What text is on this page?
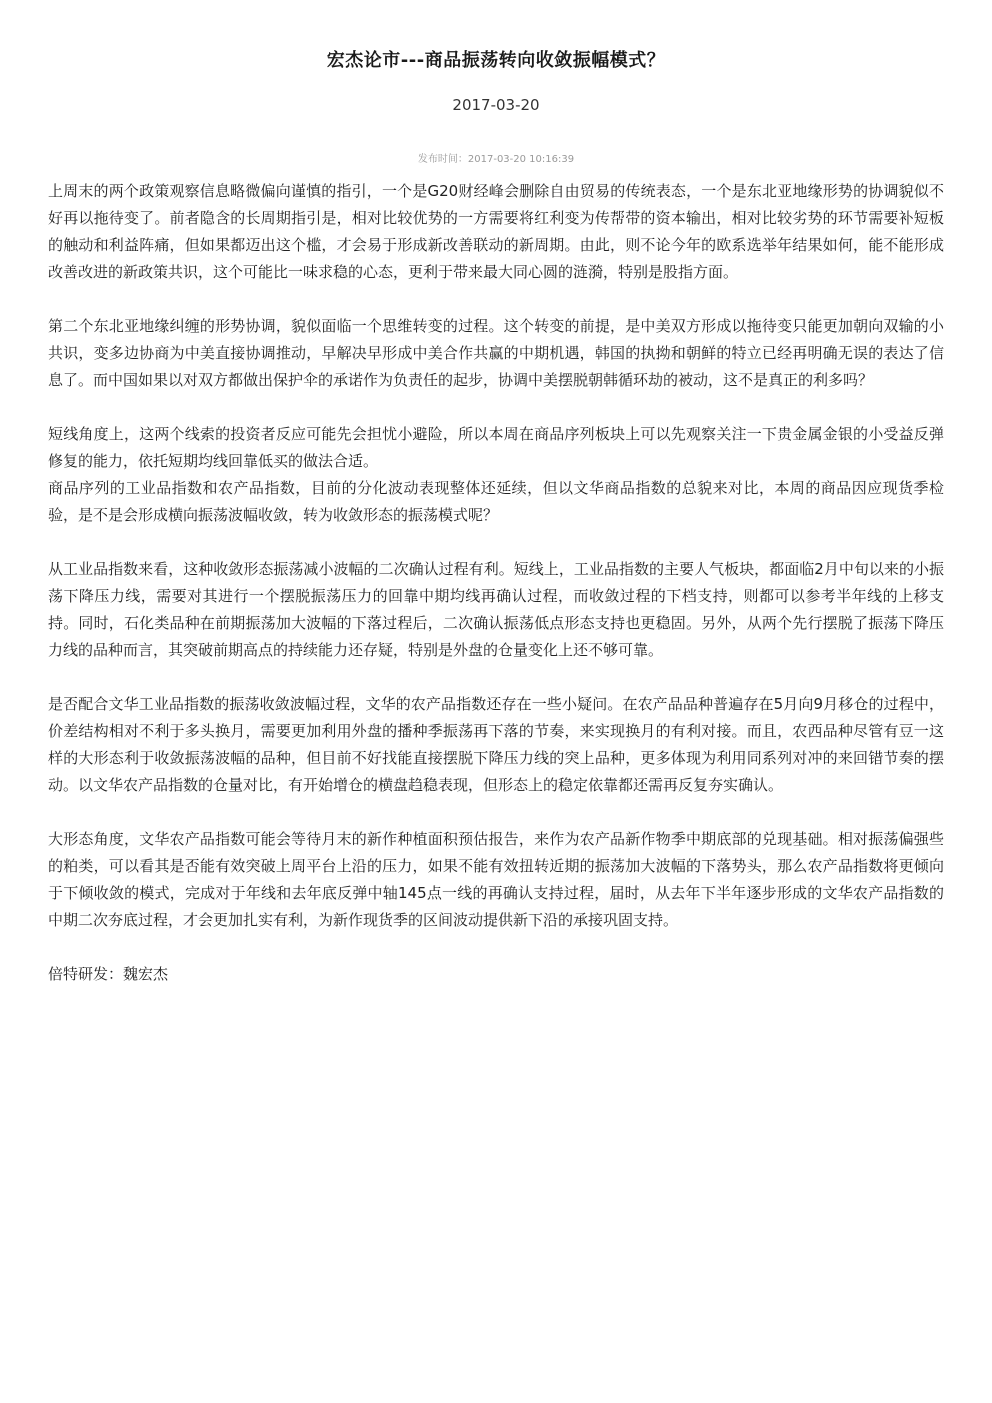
宏杰论市---商品振荡转向收敛振幅模式？
2017-03-20
发布时间：2017-03-20 10:16:39

上周末的两个政策观察信息略微偏向谨慎的指引，一个是G20财经峰会删除自由贸易的传统表态，一个是东北亚地缘形势的协调貌似不好再以拖待变了。前者隐含的长周期指引是，相对比较优势的一方需要将红利变为传帮带的资本输出，相对比较劣势的环节需要补短板的触动和利益阵痛，但如果都迈出这个槛，才会易于形成新改善联动的新周期。由此，则不论今年的欧系选举年结果如何，能不能形成改善改进的新政策共识，这个可能比一味求稳的心态，更利于带来最大同心圆的涟漪，特别是股指方面。

第二个东北亚地缘纠缠的形势协调，貌似面临一个思维转变的过程。这个转变的前提，是中美双方形成以拖待变只能更加朝向双输的小共识，变多边协商为中美直接协调推动，早解决早形成中美合作共赢的中期机遇，韩国的执拗和朝鲜的特立已经再明确无误的表达了信息了。而中国如果以对双方都做出保护伞的承诺作为负责任的起步，协调中美摆脱朝韩循环劫的被动，这不是真正的利多吗？

短线角度上，这两个线索的投资者反应可能先会担忧小避险，所以本周在商品序列板块上可以先观察关注一下贵金属金银的小受益反弹修复的能力，依托短期均线回靠低买的做法合适。

商品序列的工业品指数和农产品指数，目前的分化波动表现整体还延续，但以文华商品指数的总貌来对比，本周的商品因应现货季检验，是不是会形成横向振荡波幅收敛，转为收敛形态的振荡模式呢？

从工业品指数来看，这种收敛形态振荡减小波幅的二次确认过程有利。短线上，工业品指数的主要人气板块，都面临2月中旬以来的小振荡下降压力线，需要对其进行一个摆脱振荡压力的回靠中期均线再确认过程，而收敛过程的下档支持，则都可以参考半年线的上移支持。同时，石化类品种在前期振荡加大波幅的下落过程后，二次确认振荡低点形态支持也更稳固。另外，从两个先行摆脱了振荡下降压力线的品种而言，其突破前期高点的持续能力还存疑，特别是外盘的仓量变化上还不够可靠。

是否配合文华工业品指数的振荡收敛波幅过程，文华的农产品指数还存在一些小疑问。在农产品品种普遍存在5月向9月移仓的过程中，价差结构相对不利于多头换月，需要更加利用外盘的播种季振荡再下落的节奏，来实现换月的有利对接。而且，农西品种尽管有豆一这样的大形态利于收敛振荡波幅的品种，但目前不好找能直接摆脱下降压力线的突上品种，更多体现为利用同系列对冲的来回错节奏的摆动。以文华农产品指数的仓量对比，有开始增仓的横盘趋稳表现，但形态上的稳定依靠都还需再反复夯实确认。

大形态角度，文华农产品指数可能会等待月末的新作种植面积预估报告，来作为农产品新作物季中期底部的兑现基础。相对振荡偏强些的粕类，可以看其是否能有效突破上周平台上沿的压力，如果不能有效扭转近期的振荡加大波幅的下落势头，那么农产品指数将更倾向于下倾收敛的模式，完成对于年线和去年底反弹中轴145点一线的再确认支持过程，届时，从去年下半年逐步形成的文华农产品指数的中期二次夯底过程，才会更加扎实有利，为新作现货季的区间波动提供新下沿的承接巩固支持。

倍特研发：魏宏杰
